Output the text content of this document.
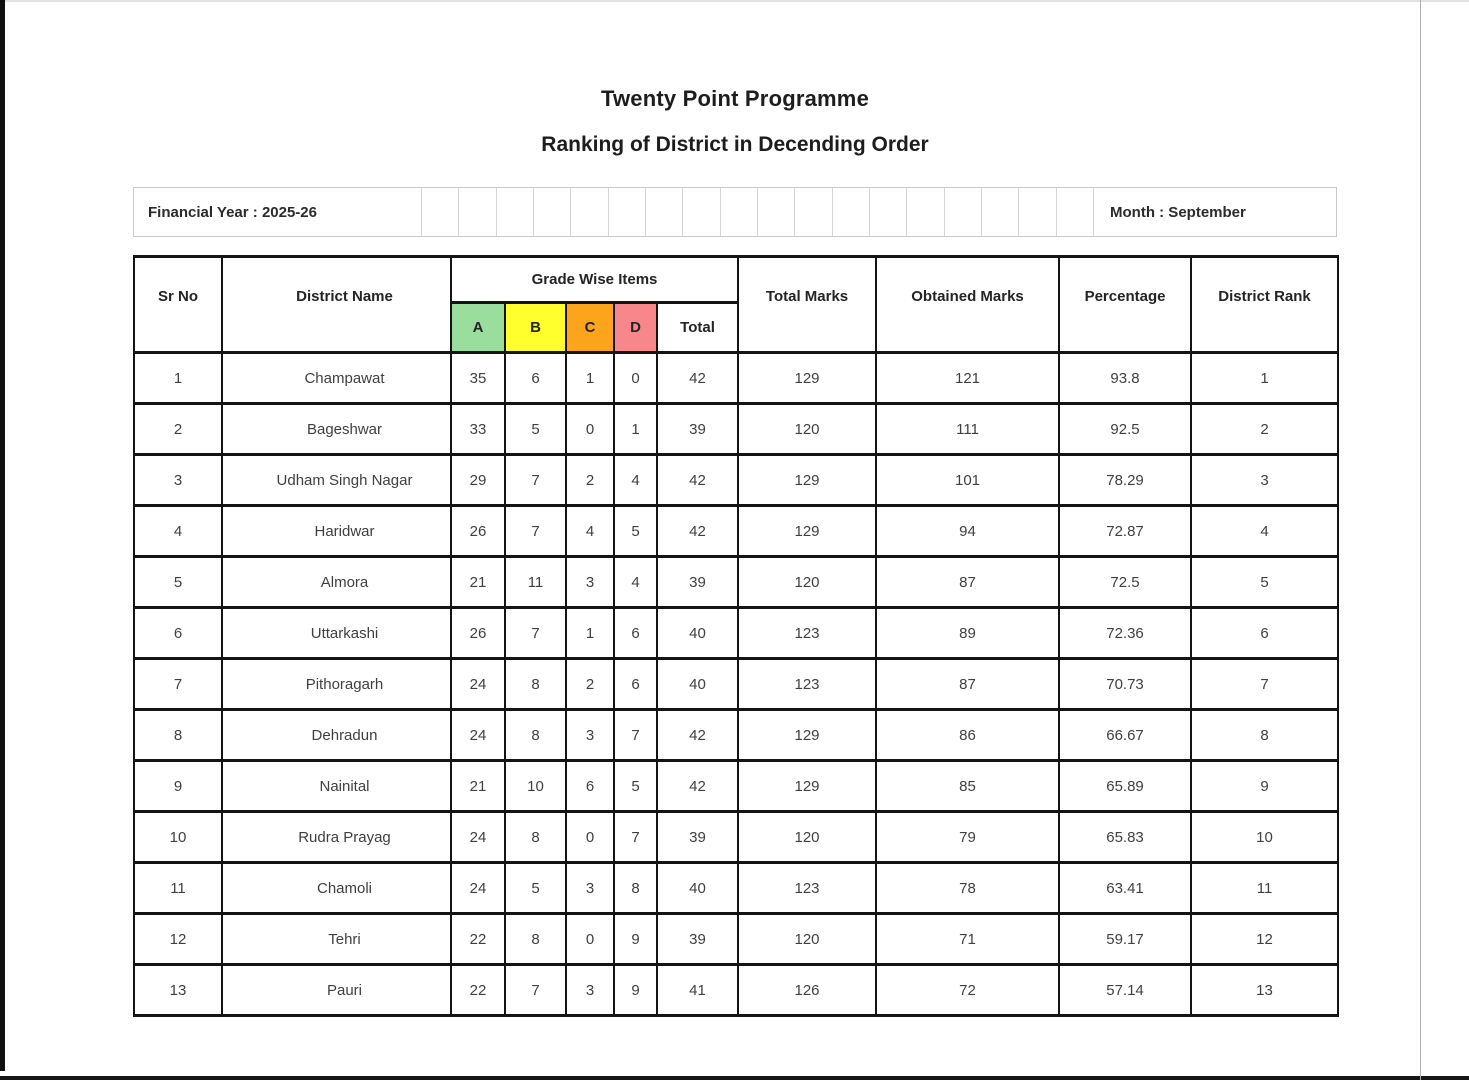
Twenty Point Programme
Ranking of District in Decending Order
Financial Year : 2025-26	Month : September
Sr No	District Name	Grade Wise Items					Total Marks	Obtained Marks	Percentage	District Rank
		A	B	C	D	Total				
1	Champawat	35	6	1	0	42	129	121	93.8	1
2	Bageshwar	33	5	0	1	39	120	111	92.5	2
3	Udham Singh Nagar	29	7	2	4	42	129	101	78.29	3
4	Haridwar	26	7	4	5	42	129	94	72.87	4
5	Almora	21	11	3	4	39	120	87	72.5	5
6	Uttarkashi	26	7	1	6	40	123	89	72.36	6
7	Pithoragarh	24	8	2	6	40	123	87	70.73	7
8	Dehradun	24	8	3	7	42	129	86	66.67	8
9	Nainital	21	10	6	5	42	129	85	65.89	9
10	Rudra Prayag	24	8	0	7	39	120	79	65.83	10
11	Chamoli	24	5	3	8	40	123	78	63.41	11
12	Tehri	22	8	0	9	39	120	71	59.17	12
13	Pauri	22	7	3	9	41	126	72	57.14	13
